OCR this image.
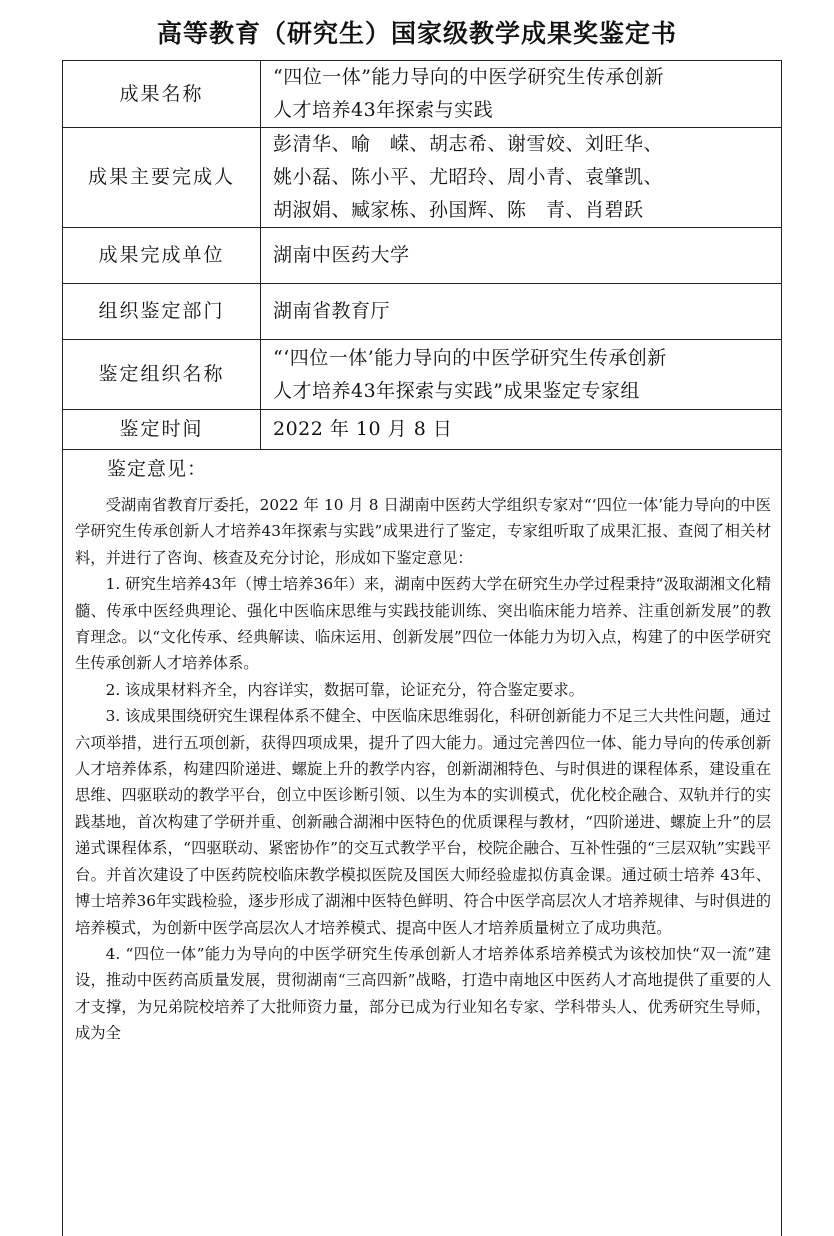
高等教育（研究生）国家级教学成果奖鉴定书
成果名称	“四位一体”能力导向的中医学研究生传承创新
人才培养43年探索与实践

成果主要完成人	彭清华、喻　嵘、胡志希、谢雪姣、刘旺华、
姚小磊、陈小平、尤昭玲、周小青、袁肇凯、
胡淑娟、臧家栋、孙国辉、陈　青、肖碧跃

成果完成单位	湖南中医药大学

组织鉴定部门	湖南省教育厅

鉴定组织名称	“‘四位一体’能力导向的中医学研究生传承创新
人才培养43年探索与实践”成果鉴定专家组

鉴定时间	2022 年 10 月 8 日
鉴定意见：

受湖南省教育厅委托，2022 年 10 月 8 日湖南中医药大学组织专家对“‘四位一体’能力导向的中医学研究生传承创新人才培养43年探索与实践”成果进行了鉴定，专家组听取了成果汇报、查阅了相关材料，并进行了咨询、核查及充分讨论，形成如下鉴定意见：

1. 研究生培养43年（博士培养36年）来，湖南中医药大学在研究生办学过程秉持“汲取湖湘文化精髓、传承中医经典理论、强化中医临床思维与实践技能训练、突出临床能力培养、注重创新发展”的教育理念。以“文化传承、经典解读、临床运用、创新发展”四位一体能力为切入点，构建了的中医学研究生传承创新人才培养体系。

2. 该成果材料齐全，内容详实，数据可靠，论证充分，符合鉴定要求。

3. 该成果围绕研究生课程体系不健全、中医临床思维弱化，科研创新能力不足三大共性问题，通过六项举措，进行五项创新，获得四项成果，提升了四大能力。通过完善四位一体、能力导向的传承创新人才培养体系，构建四阶递进、螺旋上升的教学内容，创新湖湘特色、与时俱进的课程体系，建设重在思维、四驱联动的教学平台，创立中医诊断引领、以生为本的实训模式，优化校企融合、双轨并行的实践基地，首次构建了学研并重、创新融合湖湘中医特色的优质课程与教材，“四阶递进、螺旋上升”的层递式课程体系，“四驱联动、紧密协作”的交互式教学平台，校院企融合、互补性强的“三层双轨”实践平台。并首次建设了中医药院校临床教学模拟医院及国医大师经验虚拟仿真金课。通过硕士培养 43年、博士培养36年实践检验，逐步形成了湖湘中医特色鲜明、符合中医学高层次人才培养规律、与时俱进的培养模式，为创新中医学高层次人才培养模式、提高中医人才培养质量树立了成功典范。

4. “四位一体”能力为导向的中医学研究生传承创新人才培养体系培养模式为该校加快“双一流”建设，推动中医药高质量发展，贯彻湖南“三高四新”战略，打造中南地区中医药人才高地提供了重要的人才支撑，为兄弟院校培养了大批师资力量，部分已成为行业知名专家、学科带头人、优秀研究生导师，成为全
